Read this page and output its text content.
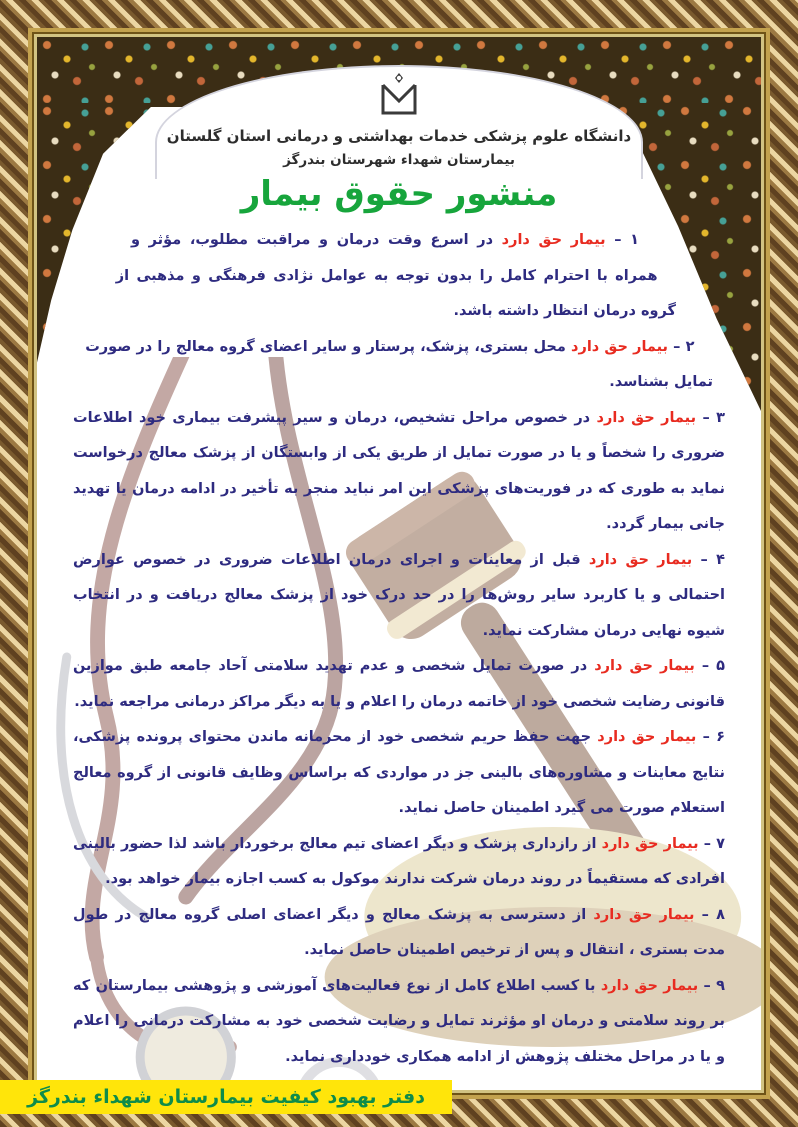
دانشگاه علوم پزشکی خدمات بهداشتی و درمانی استان گلستان
بیمارستان شهداء شهرستان بندرگز
منشور حقوق بیمار

۱ – بیمار حق دارد در اسرع وقت درمان و مراقبت مطلوب، مؤثر و همراه با احترام کامل را بدون توجه به عوامل نژادی فرهنگی و مذهبی از گروه درمان انتظار داشته باشد.

۲ – بیمار حق دارد محل بستری، پزشک، پرستار و سایر اعضای گروه معالج را در صورت تمایل بشناسد.

۳ – بیمار حق دارد در خصوص مراحل تشخیص، درمان و سیر پیشرفت بیماری خود اطلاعات ضروری را شخصاً و یا در صورت تمایل از طریق یکی از وابستگان از پزشک معالج درخواست نماید به طوری که در فوریت‌های پزشکی این امر نباید منجر به تأخیر در ادامه درمان یا تهدید جانی بیمار گردد.

۴ – بیمار حق دارد قبل از معاینات و اجرای درمان اطلاعات ضروری در خصوص عوارض احتمالی و یا کاربرد سایر روش‌ها را در حد درک خود از پزشک معالج دریافت و در انتخاب شیوه نهایی درمان مشارکت نماید.

۵ – بیمار حق دارد در صورت تمایل شخصی و عدم تهدید سلامتی آحاد جامعه طبق موازین قانونی رضایت شخصی خود از خاتمه درمان را اعلام و یا به دیگر مراکز درمانی مراجعه نماید.

۶ – بیمار حق دارد جهت حفظ حریم شخصی خود از محرمانه ماندن محتوای پرونده پزشکی، نتایج معاینات و مشاوره‌های بالینی جز در مواردی که براساس وظایف قانونی از گروه معالج استعلام صورت می گیرد اطمینان حاصل نماید.

۷ – بیمار حق دارد از رازداری پزشک و دیگر اعضای تیم معالج برخوردار باشد لذا حضور بالینی افرادی که مستقیماً در روند درمان شرکت ندارند موکول به کسب اجازه بیمار خواهد بود.

۸ – بیمار حق دارد از دسترسی به پزشک معالج و دیگر اعضای اصلی گروه معالج در طول مدت بستری ، انتقال و پس از ترخیص اطمینان حاصل نماید.

۹ – بیمار حق دارد با کسب اطلاع کامل از نوع فعالیت‌های آموزشی و پژوهشی بیمارستان که بر روند سلامتی و درمان او مؤثرند تمایل و رضایت شخصی خود به مشارکت درمانی را اعلام و یا در مراحل مختلف پژوهش از ادامه همکاری خودداری نماید.

دفتر بهبود کیفیت بیمارستان شهداء بندرگز
